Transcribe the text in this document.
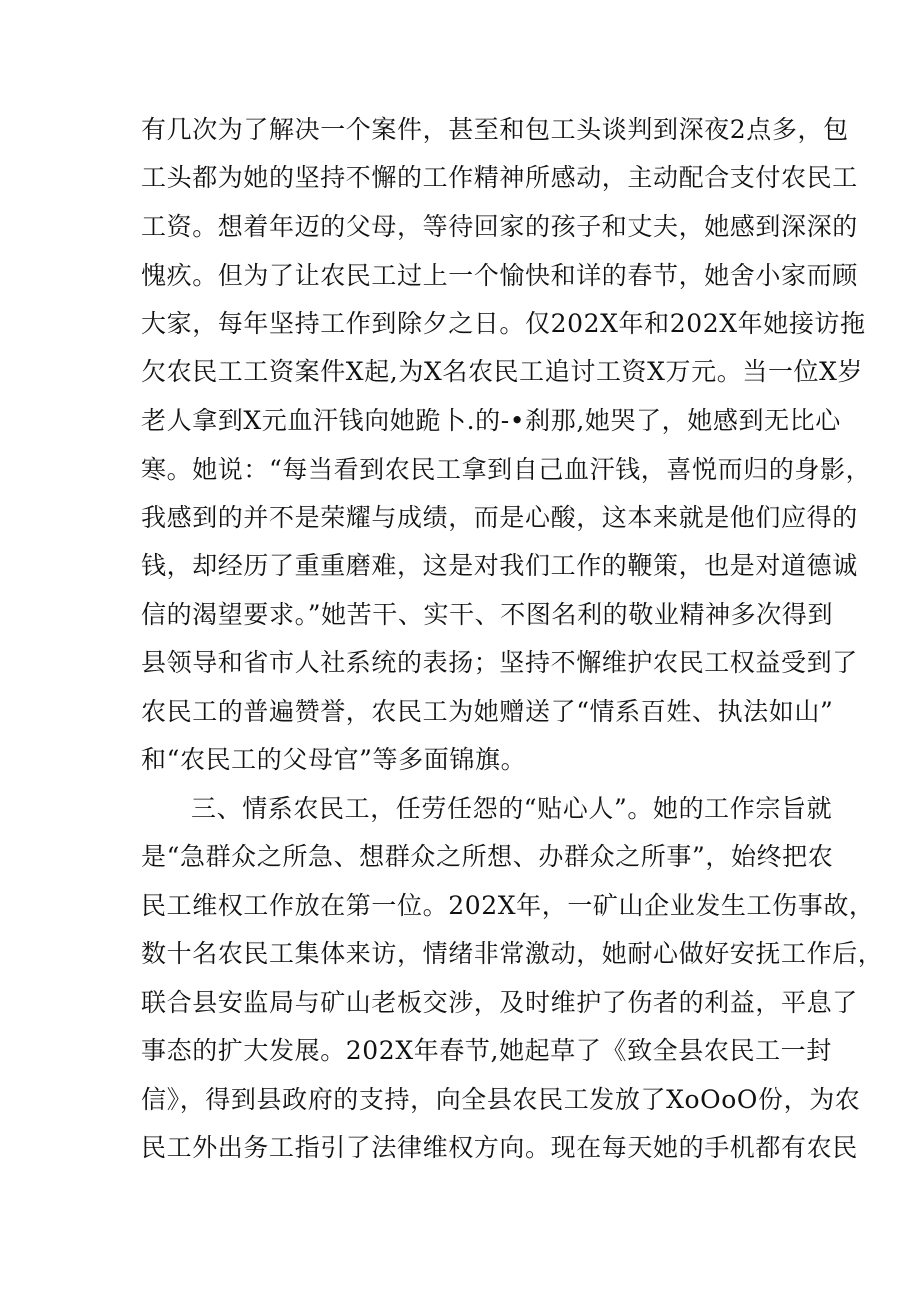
有几次为了解决一个案件，甚至和包工头谈判到深夜2点多，包
工头都为她的坚持不懈的工作精神所感动，主动配合支付农民工
工资。想着年迈的父母，等待回家的孩子和丈夫，她感到深深的
愧疚。但为了让农民工过上一个愉快和详的春节，她舍小家而顾
大家，每年坚持工作到除夕之日。仅202X年和202X年她接访拖
欠农民工工资案件X起,为X名农民工追讨工资X万元。当一位X岁
老人拿到X元血汗钱向她跪卜.的-•刹那,她哭了，她感到无比心
寒。她说：“每当看到农民工拿到自己血汗钱，喜悦而归的身影，
我感到的并不是荣耀与成绩，而是心酸，这本来就是他们应得的
钱，却经历了重重磨难，这是对我们工作的鞭策，也是对道德诚
信的渴望要求。”她苦干、实干、不图名利的敬业精神多次得到
县领导和省市人社系统的表扬；坚持不懈维护农民工权益受到了
农民工的普遍赞誉，农民工为她赠送了“情系百姓、执法如山”
和“农民工的父母官”等多面锦旗。
三、情系农民工，任劳任怨的“贴心人”。她的工作宗旨就
是“急群众之所急、想群众之所想、办群众之所事”，始终把农
民工维权工作放在第一位。202X年，一矿山企业发生工伤事故，
数十名农民工集体来访，情绪非常激动，她耐心做好安抚工作后，
联合县安监局与矿山老板交涉，及时维护了伤者的利益，平息了
事态的扩大发展。202X年春节,她起草了《致全县农民工一封
信》，得到县政府的支持，向全县农民工发放了XoOoO份，为农
民工外出务工指引了法律维权方向。现在每天她的手机都有农民
